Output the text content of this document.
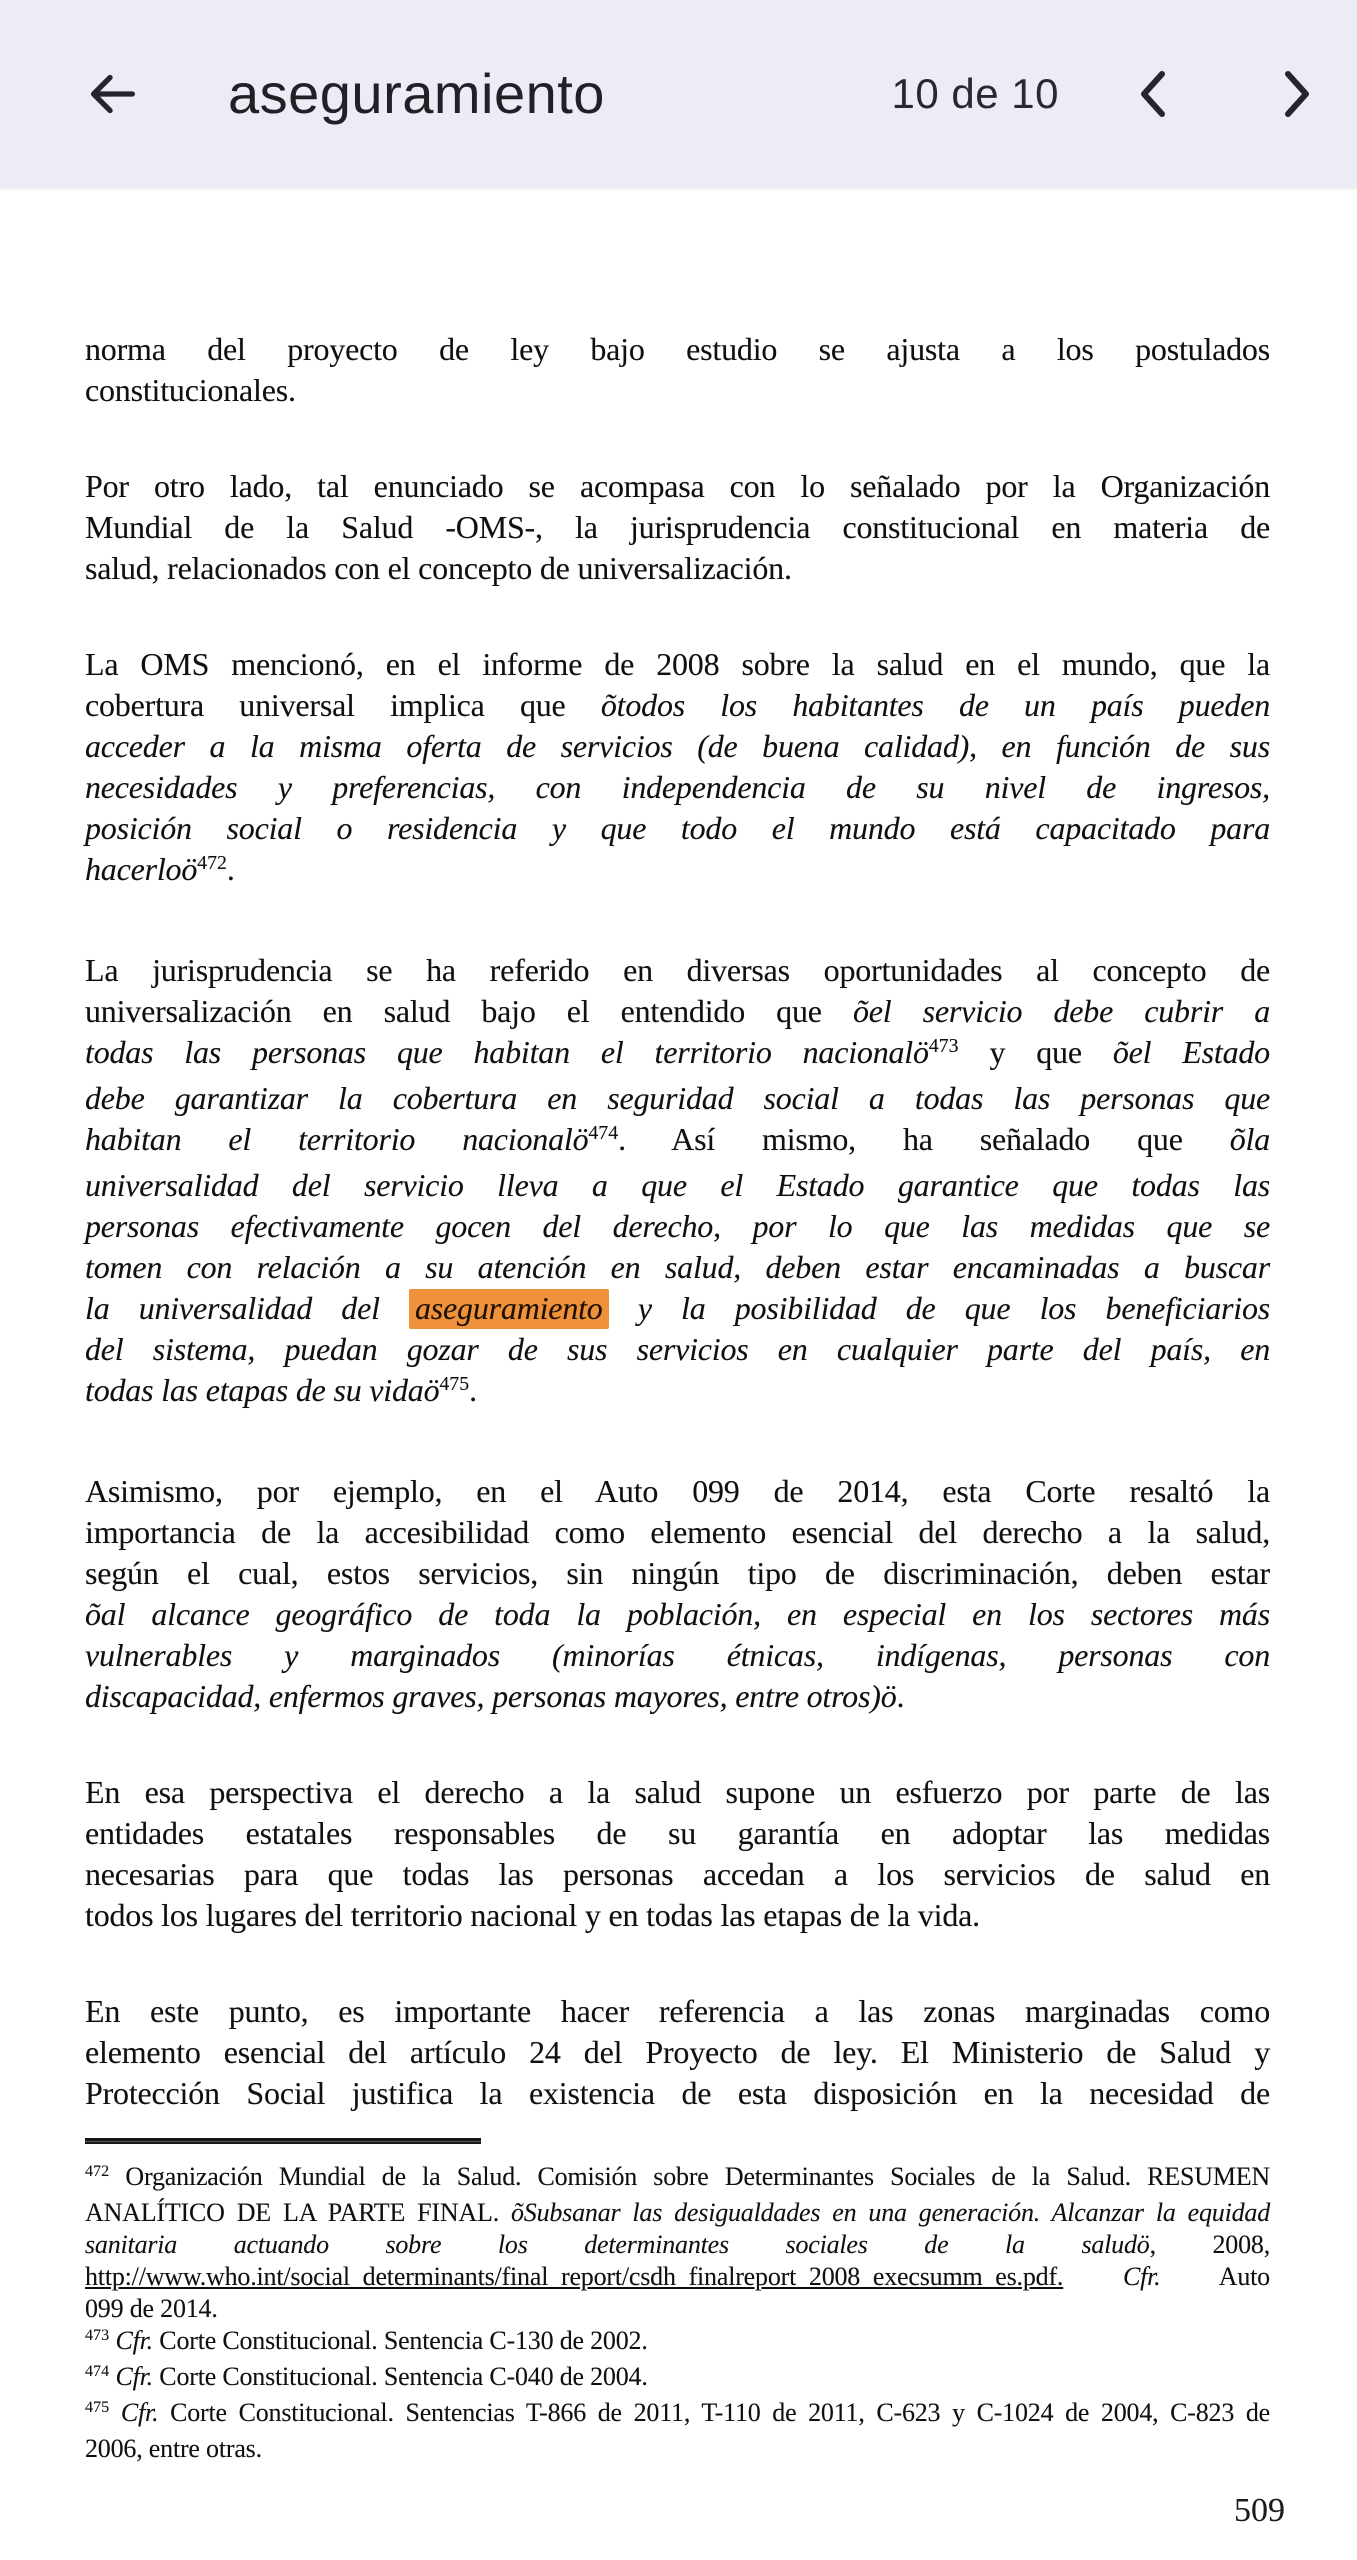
aseguramiento	10 de 10
norma del proyecto de ley bajo estudio se ajusta a los postulados
constitucionales.
Por otro lado, tal enunciado se acompasa con lo señalado por la Organización
Mundial de la Salud -OMS-, la jurisprudencia constitucional en materia de
salud, relacionados con el concepto de universalización.
La OMS mencionó, en el informe de 2008 sobre la salud en el mundo, que la
cobertura universal implica que õtodos los habitantes de un país pueden
acceder a la misma oferta de servicios (de buena calidad), en función de sus
necesidades y preferencias, con independencia de su nivel de ingresos,
posición social o residencia y que todo el mundo está capacitado para
hacerloö$^{472}$.
La jurisprudencia se ha referido en diversas oportunidades al concepto de
universalización en salud bajo el entendido que õel servicio debe cubrir a
todas las personas que habitan el territorio nacionalö$^{473}$ y que õel Estado
debe garantizar la cobertura en seguridad social a todas las personas que
habitan el territorio nacionalö$^{474}$. Así mismo, ha señalado que õla
universalidad del servicio lleva a que el Estado garantice que todas las
personas efectivamente gocen del derecho, por lo que las medidas que se
tomen con relación a su atención en salud, deben estar encaminadas a buscar
la universalidad del aseguramiento y la posibilidad de que los beneficiarios
del sistema, puedan gozar de sus servicios en cualquier parte del país, en
todas las etapas de su vidaö$^{475}$.
Asimismo, por ejemplo, en el Auto 099 de 2014, esta Corte resaltó la
importancia de la accesibilidad como elemento esencial del derecho a la salud,
según el cual, estos servicios, sin ningún tipo de discriminación, deben estar
õal alcance geográfico de toda la población, en especial en los sectores más
vulnerables y marginados (minorías étnicas, indígenas, personas con
discapacidad, enfermos graves, personas mayores, entre otros)ö.
En esa perspectiva el derecho a la salud supone un esfuerzo por parte de las
entidades estatales responsables de su garantía en adoptar las medidas
necesarias para que todas las personas accedan a los servicios de salud en
todos los lugares del territorio nacional y en todas las etapas de la vida.
En este punto, es importante hacer referencia a las zonas marginadas como
elemento esencial del artículo 24 del Proyecto de ley. El Ministerio de Salud y
Protección Social justifica la existencia de esta disposición en la necesidad de
$^{472}$ Organización Mundial de la Salud. Comisión sobre Determinantes Sociales de la Salud. RESUMEN
ANALÍTICO DE LA PARTE FINAL. õSubsanar las desigualdades en una generación. Alcanzar la equidad
sanitaria actuando sobre los determinantes sociales de la saludö, 2008,
http://www.who.int/social_determinants/final_report/csdh_finalreport_2008_execsumm_es.pdf. Cfr. Auto
099 de 2014.
$^{473}$ Cfr. Corte Constitucional. Sentencia C-130 de 2002.
$^{474}$ Cfr. Corte Constitucional. Sentencia C-040 de 2004.
$^{475}$ Cfr. Corte Constitucional. Sentencias T-866 de 2011, T-110 de 2011, C-623 y C-1024 de 2004, C-823 de
2006, entre otras.
509
